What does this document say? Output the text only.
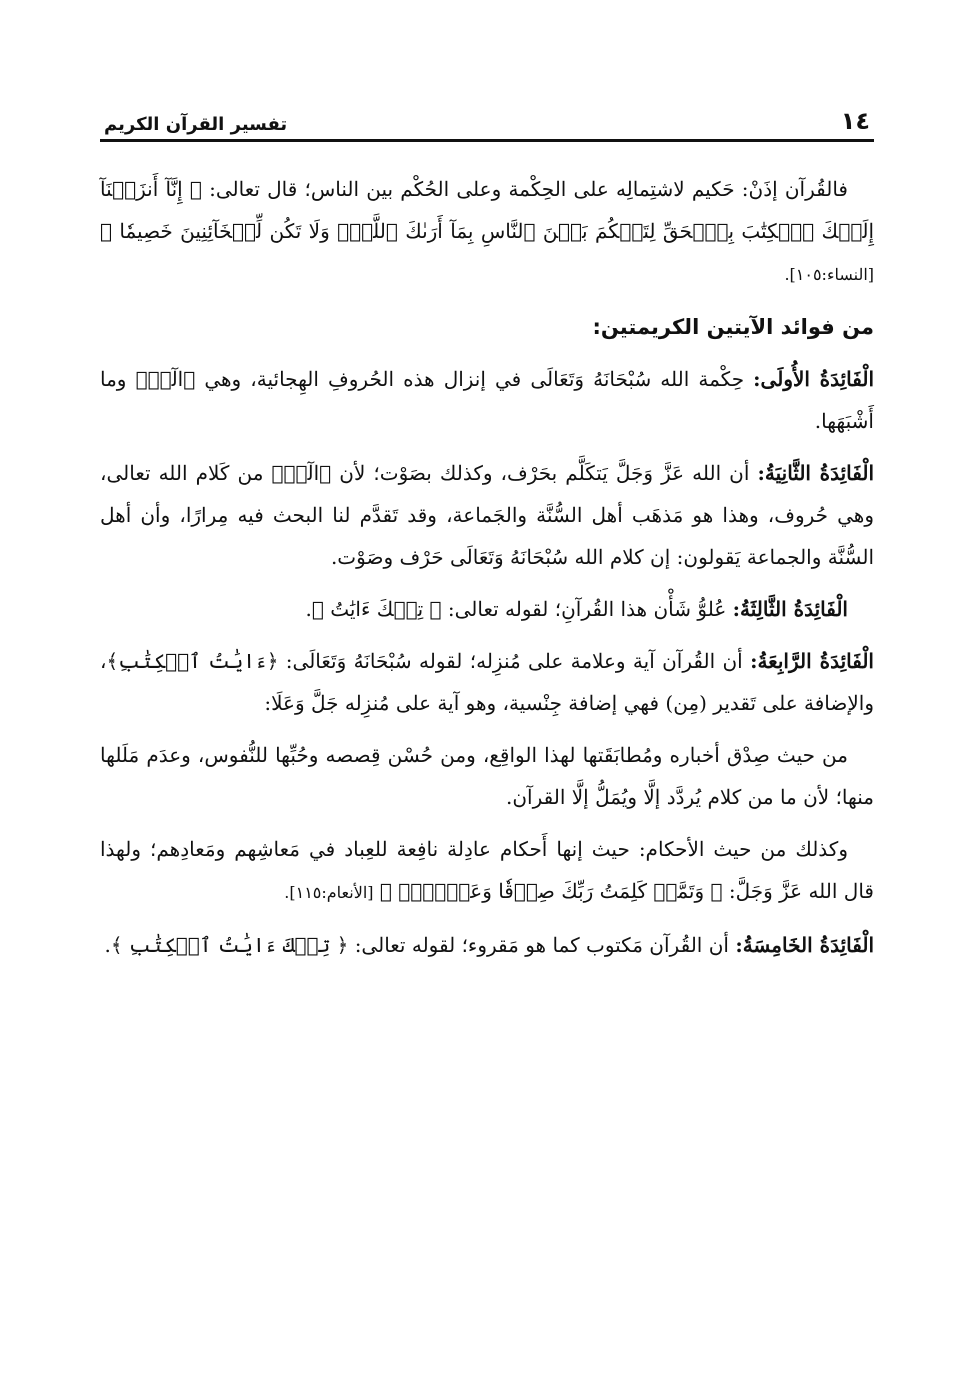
١٤
تفسير القرآن الكريم

فالقُرآن إذَنْ: حَكيم لاشتِمالِه على الحِكْمة وعلى الحُكْم بين الناس؛ قال تعالى: ﴿ إِنَّآ أَنزَلۡنَآ إِلَيۡكَ ٱلۡكِتَٰبَ بِٱلۡحَقِّ لِتَحۡكُمَ بَيۡنَ ٱلنَّاسِ بِمَآ أَرَىٰكَ ٱللَّهُۚ وَلَا تَكُن لِّلۡخَآئِنِينَ خَصِيمٗا ﴾ [النساء:١٠٥].

من فوائد الآيتين الكريمتين:

الْفَائِدَةُ الأُولَى: حِكْمة الله سُبْحَانَهُ وَتَعَالَى في إنزال هذه الحُروفِ الهِجائية، وهي ﴿الٓرۚ﴾ وما أَشْبَهَها.

الْفَائِدَةُ الثَّانِيَةُ: أن الله عَزَّ وَجَلَّ يَتكَلَّم بحَرْف، وكذلك بصَوْت؛ لأن ﴿الٓرۚ﴾ من كَلام الله تعالى، وهي حُروف، وهذا هو مَذهَب أهل السُّنَّة والجَماعة، وقد تَقدَّم لنا البحث فيه مِرارًا، وأن أهل السُّنَّة والجماعة يَقولون: إن كلام الله سُبْحَانَهُ وَتَعَالَى حَرْف وصَوْت.

الْفَائِدَةُ الثَّالِثَةُ: عُلوُّ شَأْن هذا القُرآنِ؛ لقوله تعالى: ﴿ تِلۡكَ ءَايَٰتُ ﴾.

الْفَائِدَةُ الرَّابِعَةُ: أن القُرآن آية وعلامة على مُنزِله؛ لقوله سُبْحَانَهُ وَتَعَالَى: ﴿ءَايَٰتُ ٱلۡكِتَٰبِ﴾، والإضافة على تَقدير (مِن) فهي إضافة جِنْسية، وهو آية على مُنزِله جَلَّ وَعَلَا:

من حيث صِدْق أخباره ومُطابَقَتها لهذا الواقِع، ومن حُسْن قِصصه وحُبِّها للنُّفوس، وعدَم مَلَلها منها؛ لأن ما من كلام يُردَّد إلَّا ويُمَلُّ إلَّا القرآن.

وكذلك من حيث الأحكام: حيث إنها أَحكام عادِلة نافِعة للعِباد في مَعاشِهم ومَعادِهم؛ ولهذا قال الله عَزَّ وَجَلَّ: ﴿ وَتَمَّتۡ كَلِمَتُ رَبِّكَ صِدۡقٗا وَعَدۡلٗاۚ ﴾ [الأنعام:١١٥].

الْفَائِدَةُ الخَامِسَةُ: أن القُرآن مَكتوب كما هو مَقروء؛ لقوله تعالى: ﴿ تِلۡكَ ءَايَٰتُ ٱلۡكِتَٰبِ ﴾.
